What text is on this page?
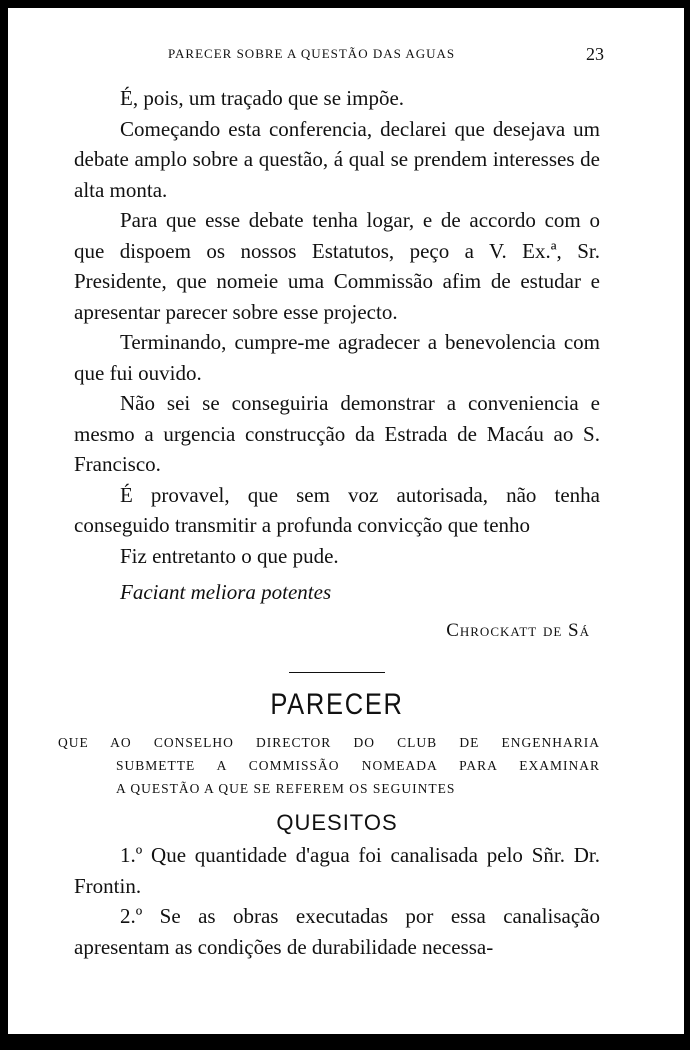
PARECER SOBRE A QUESTÃO DAS AGUAS	23

É, pois, um traçado que se impõe.

Começando esta conferencia, declarei que desejava um debate amplo sobre a questão, á qual se prendem interesses de alta monta.

Para que esse debate tenha logar, e de accordo com o que dispoem os nossos Estatutos, peço a V. Ex.ª, Sr. Presidente, que nomeie uma Commissão afim de estudar e apresentar parecer sobre esse projecto.

Terminando, cumpre-me agradecer a benevolencia com que fui ouvido.

Não sei se conseguiria demonstrar a conveniencia e mesmo a urgencia construcção da Estrada de Macáu ao S. Francisco.

É provavel, que sem voz autorisada, não tenha conseguido transmitir a profunda convicção que tenho

Fiz entretanto o que pude.

Faciant meliora potentes

Chrockatt de Sá
PARECER
QUE AO CONSELHO DIRECTOR DO CLUB DE ENGENHARIA
SUBMETTE A COMMISSÃO NOMEADA PARA EXAMINAR
A QUESTÃO A QUE SE REFEREM OS SEGUINTES
QUESITOS

1.º Que quantidade d'agua foi canalisada pelo Sñr. Dr. Frontin.

2.º Se as obras executadas por essa canalisação apresentam as condições de durabilidade necessa-
